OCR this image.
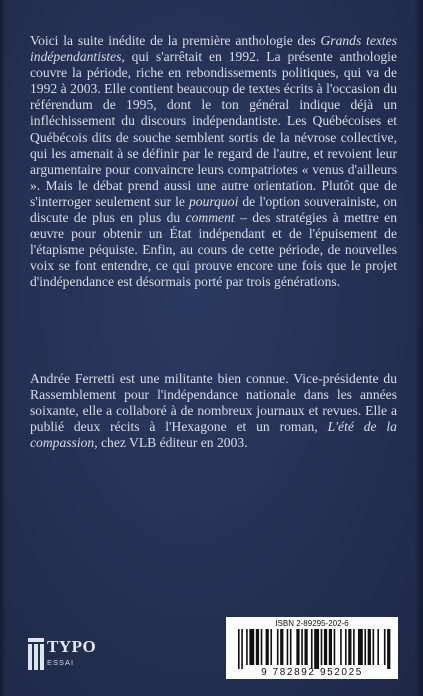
Voici la suite inédite de la première anthologie des Grands textes indépendantistes, qui s'arrêtait en 1992. La présente anthologie couvre la période, riche en rebondissements politiques, qui va de 1992 à 2003. Elle contient beaucoup de textes écrits à l'occasion du référendum de 1995, dont le ton général indique déjà un infléchissement du discours indépendantiste. Les Québécoises et Québécois dits de souche semblent sortis de la névrose collective, qui les amenait à se définir par le regard de l'autre, et revoient leur argumentaire pour convaincre leurs compatriotes « venus d'ailleurs ». Mais le débat prend aussi une autre orientation. Plutôt que de s'interroger seulement sur le pourquoi de l'option souverainiste, on discute de plus en plus du comment – des stratégies à mettre en œuvre pour obtenir un État indépendant et de l'épuisement de l'étapisme péquiste. Enfin, au cours de cette période, de nouvelles voix se font entendre, ce qui prouve encore une fois que le projet d'indépendance est désormais porté par trois générations.

Andrée Ferretti est une militante bien connue. Vice-présidente du Rassemblement pour l'indépendance nationale dans les années soixante, elle a collaboré à de nombreux journaux et revues. Elle a publié deux récits à l'Hexagone et un roman, L'été de la compassion, chez VLB éditeur en 2003.

TYPO
ESSAI
ISBN 2-89295-202-6
9 782892 952025
